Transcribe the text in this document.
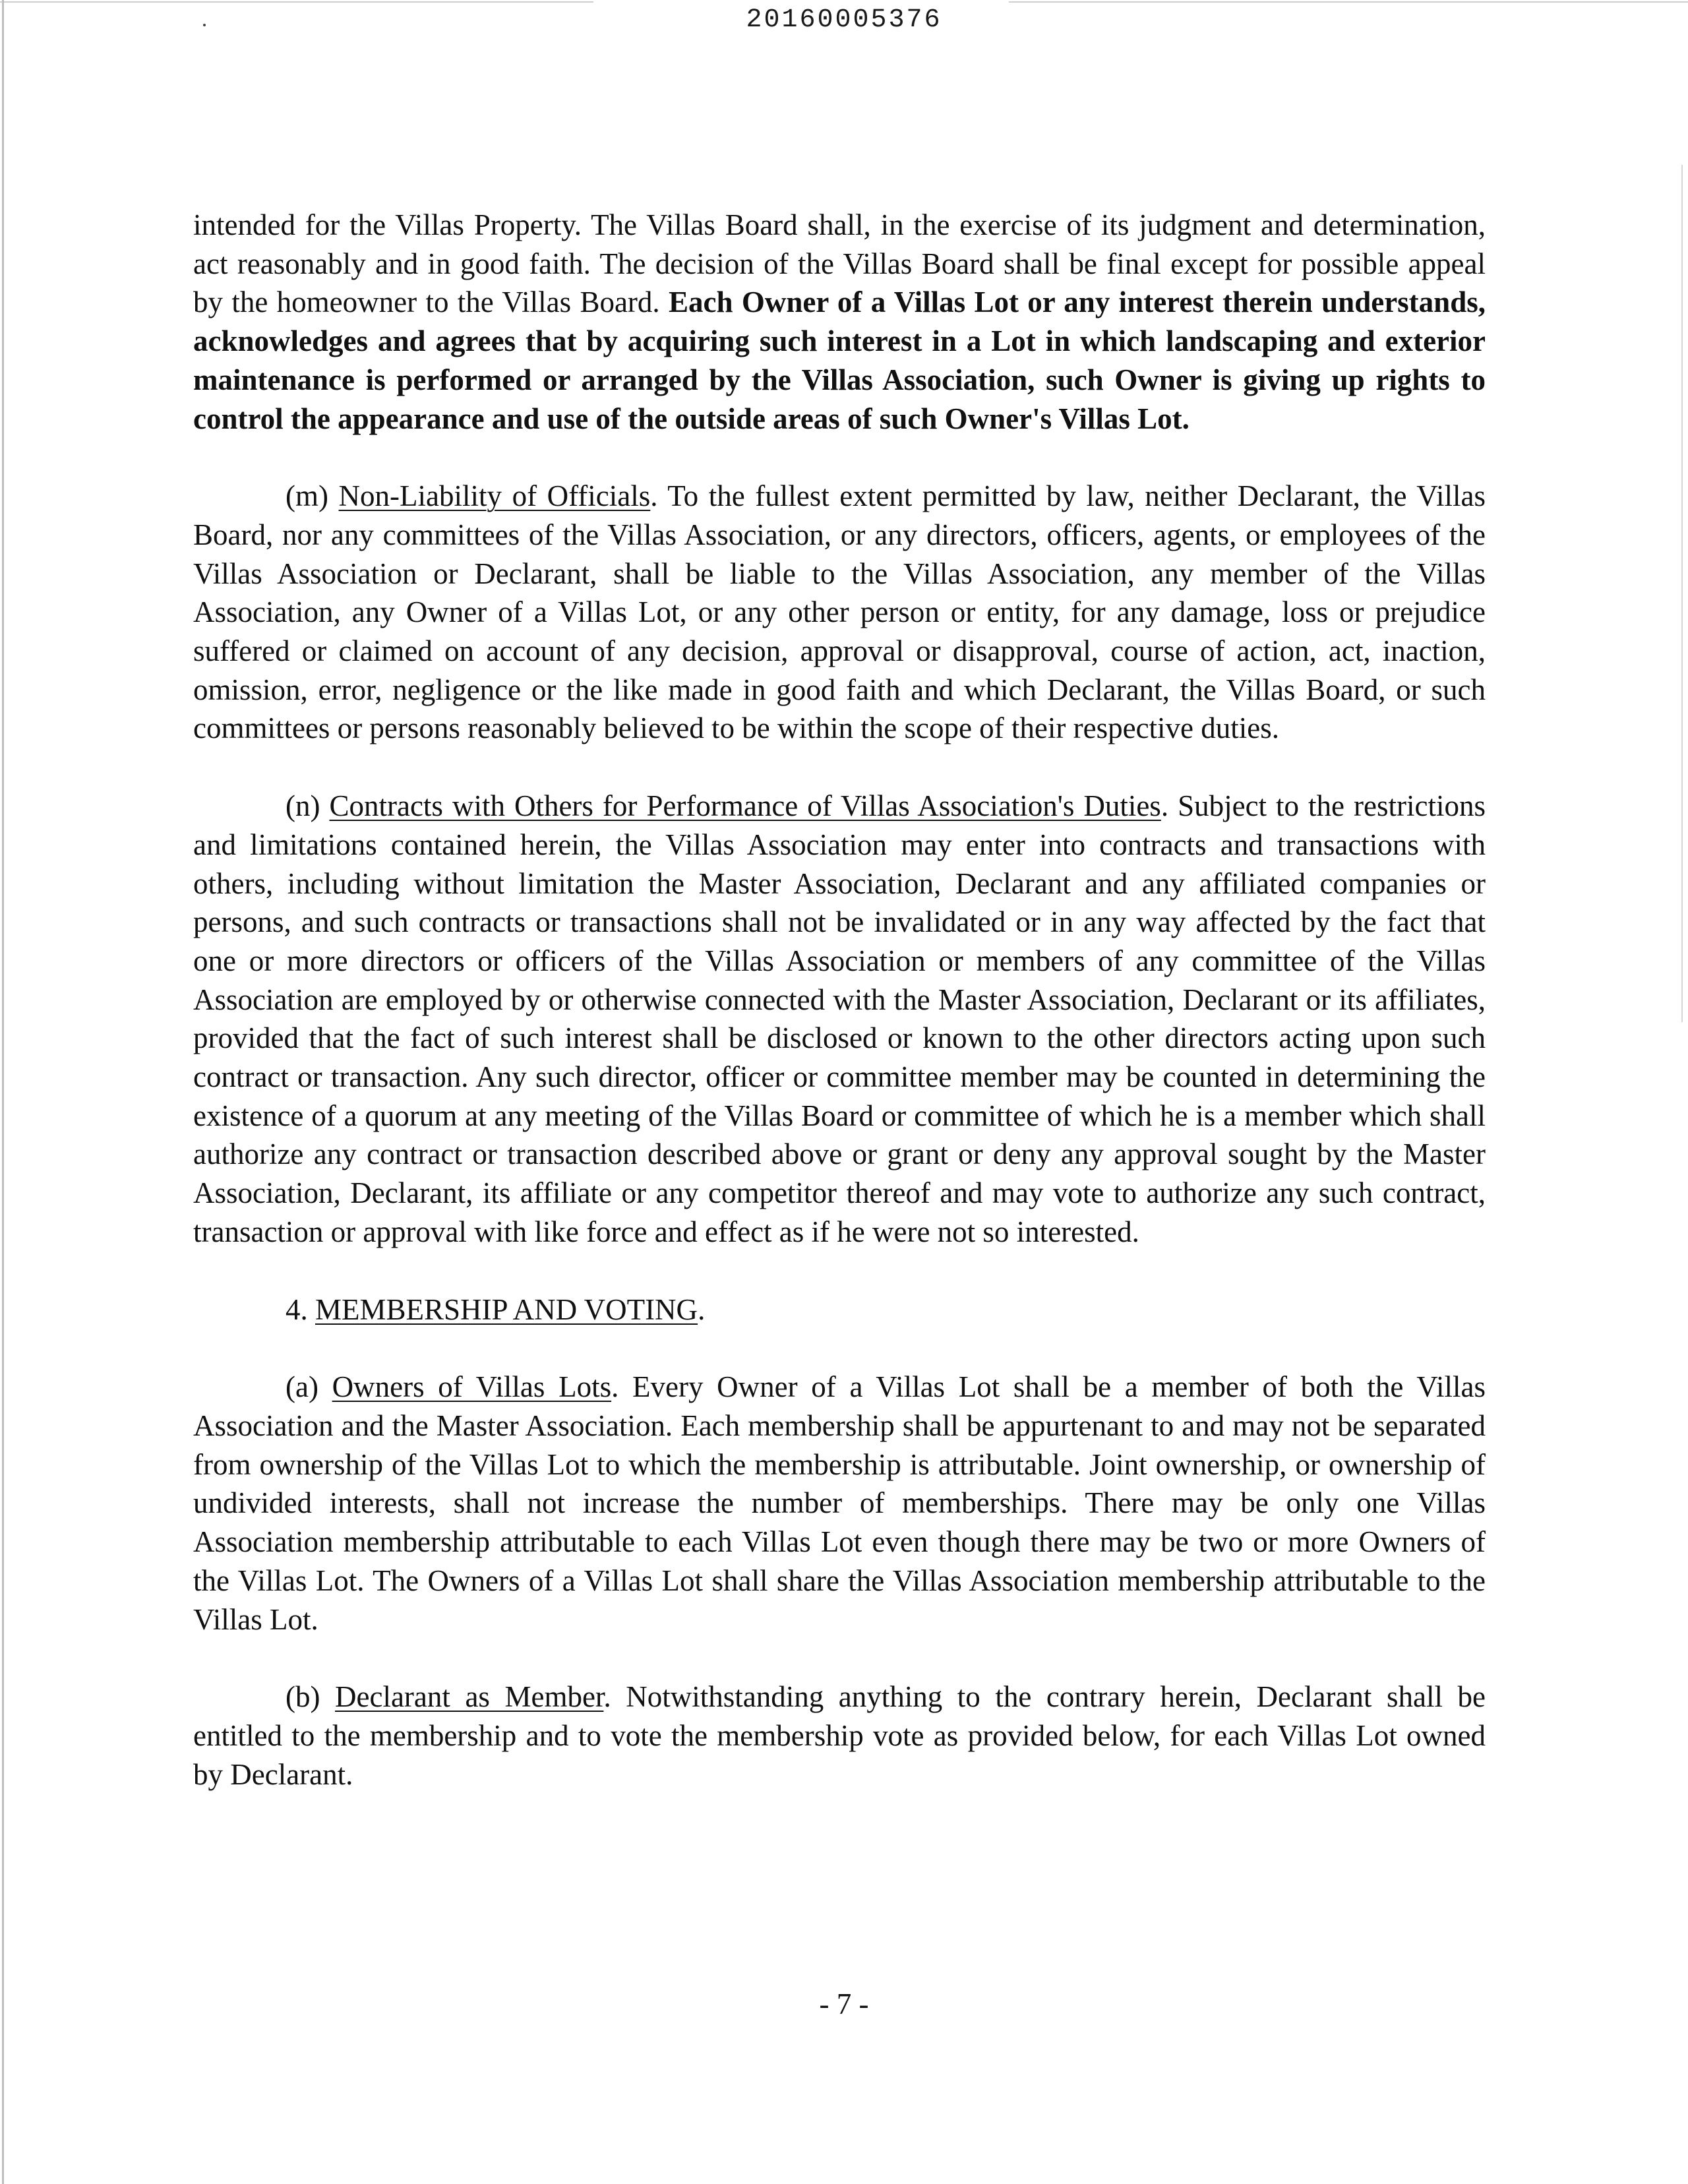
20160005376

intended for the Villas Property. The Villas Board shall, in the exercise of its judgment and determination, act reasonably and in good faith. The decision of the Villas Board shall be final except for possible appeal by the homeowner to the Villas Board. Each Owner of a Villas Lot or any interest therein understands, acknowledges and agrees that by acquiring such interest in a Lot in which landscaping and exterior maintenance is performed or arranged by the Villas Association, such Owner is giving up rights to control the appearance and use of the outside areas of such Owner's Villas Lot.

(m) Non-Liability of Officials. To the fullest extent permitted by law, neither Declarant, the Villas Board, nor any committees of the Villas Association, or any directors, officers, agents, or employees of the Villas Association or Declarant, shall be liable to the Villas Association, any member of the Villas Association, any Owner of a Villas Lot, or any other person or entity, for any damage, loss or prejudice suffered or claimed on account of any decision, approval or disapproval, course of action, act, inaction, omission, error, negligence or the like made in good faith and which Declarant, the Villas Board, or such committees or persons reasonably believed to be within the scope of their respective duties.

(n) Contracts with Others for Performance of Villas Association's Duties. Subject to the restrictions and limitations contained herein, the Villas Association may enter into contracts and transactions with others, including without limitation the Master Association, Declarant and any affiliated companies or persons, and such contracts or transactions shall not be invalidated or in any way affected by the fact that one or more directors or officers of the Villas Association or members of any committee of the Villas Association are employed by or otherwise connected with the Master Association, Declarant or its affiliates, provided that the fact of such interest shall be disclosed or known to the other directors acting upon such contract or transaction. Any such director, officer or committee member may be counted in determining the existence of a quorum at any meeting of the Villas Board or committee of which he is a member which shall authorize any contract or transaction described above or grant or deny any approval sought by the Master Association, Declarant, its affiliate or any competitor thereof and may vote to authorize any such contract, transaction or approval with like force and effect as if he were not so interested.

4. MEMBERSHIP AND VOTING.

(a) Owners of Villas Lots. Every Owner of a Villas Lot shall be a member of both the Villas Association and the Master Association. Each membership shall be appurtenant to and may not be separated from ownership of the Villas Lot to which the membership is attributable. Joint ownership, or ownership of undivided interests, shall not increase the number of memberships. There may be only one Villas Association membership attributable to each Villas Lot even though there may be two or more Owners of the Villas Lot. The Owners of a Villas Lot shall share the Villas Association membership attributable to the Villas Lot.

(b) Declarant as Member. Notwithstanding anything to the contrary herein, Declarant shall be entitled to the membership and to vote the membership vote as provided below, for each Villas Lot owned by Declarant.

- 7 -
